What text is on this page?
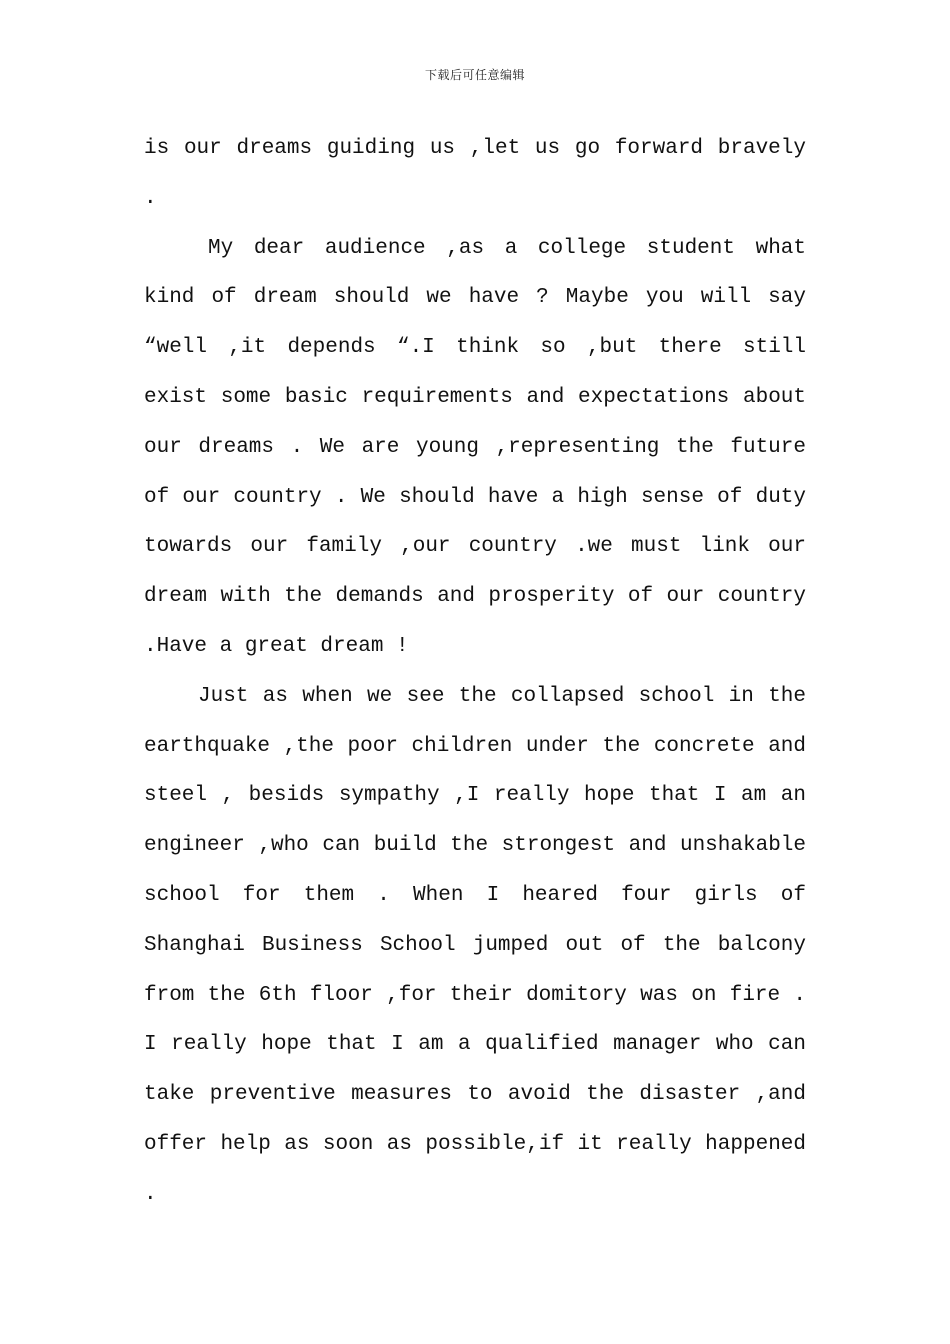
下载后可任意编辑

is our dreams guiding us ,let us go forward bravely .

My dear audience ,as a college student what kind of dream should we have ? Maybe you will say “well ,it depends “.I think so ,but there still exist some basic requirements and expectations about our dreams . We are young ,representing the future of our country . We should have a high sense of duty towards our family ,our country .we must link our dream with the demands and prosperity of our country .Have a great dream !

Just as when we see the collapsed school in the earthquake ,the poor children under the concrete and steel , besids sympathy ,I really hope that I am an engineer ,who can build the strongest and unshakable school for them . When I heared four girls of Shanghai Business School jumped out of the balcony from the 6th floor ,for their domitory was on fire . I really hope that I am a qualified manager who can take preventive measures to avoid the disaster ,and offer help as soon as possible,if it really happened .
